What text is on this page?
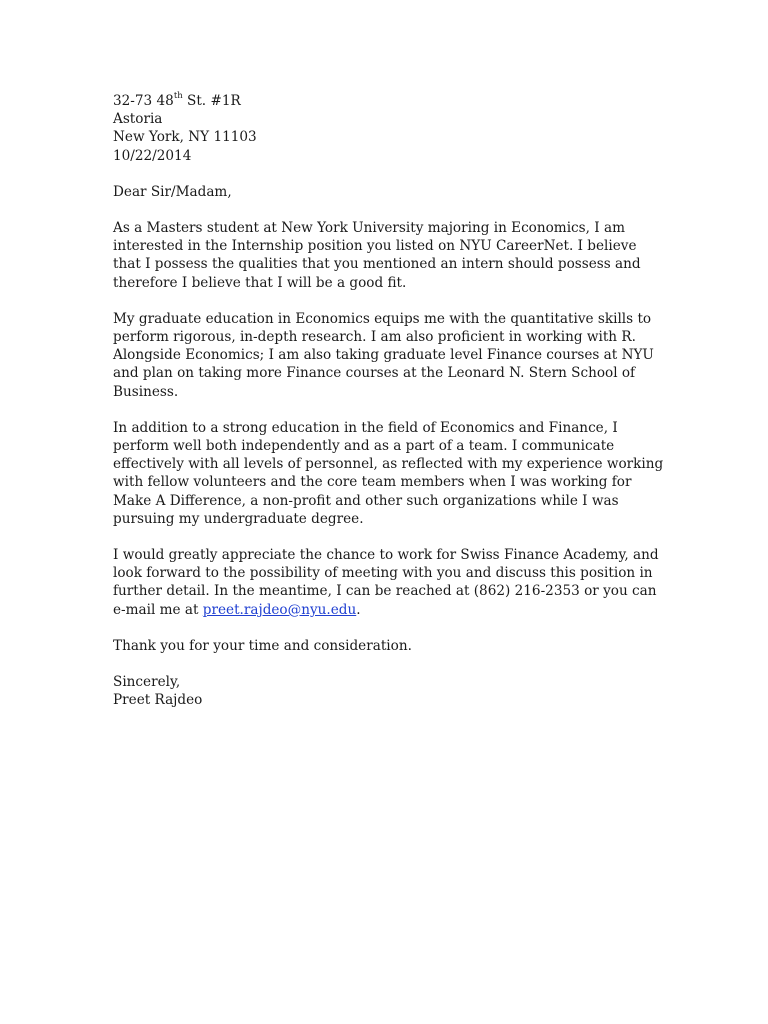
32-73 48th St. #1R

Astoria

New York, NY 11103

10/22/2014

Dear Sir/Madam,

As a Masters student at New York University majoring in Economics, I am interested in the Internship position you listed on NYU CareerNet. I believe that I possess the qualities that you mentioned an intern should possess and therefore I believe that I will be a good fit.

My graduate education in Economics equips me with the quantitative skills to perform rigorous, in-depth research. I am also proficient in working with R. Alongside Economics; I am also taking graduate level Finance courses at NYU and plan on taking more Finance courses at the Leonard N. Stern School of Business.

In addition to a strong education in the field of Economics and Finance, I perform well both independently and as a part of a team. I communicate effectively with all levels of personnel, as reflected with my experience working with fellow volunteers and the core team members when I was working for Make A Difference, a non-profit and other such organizations while I was pursuing my undergraduate degree.

I would greatly appreciate the chance to work for Swiss Finance Academy, and look forward to the possibility of meeting with you and discuss this position in further detail. In the meantime, I can be reached at (862) 216-2353 or you can e-mail me at preet.rajdeo@nyu.edu.

Thank you for your time and consideration.

Sincerely,

Preet Rajdeo
